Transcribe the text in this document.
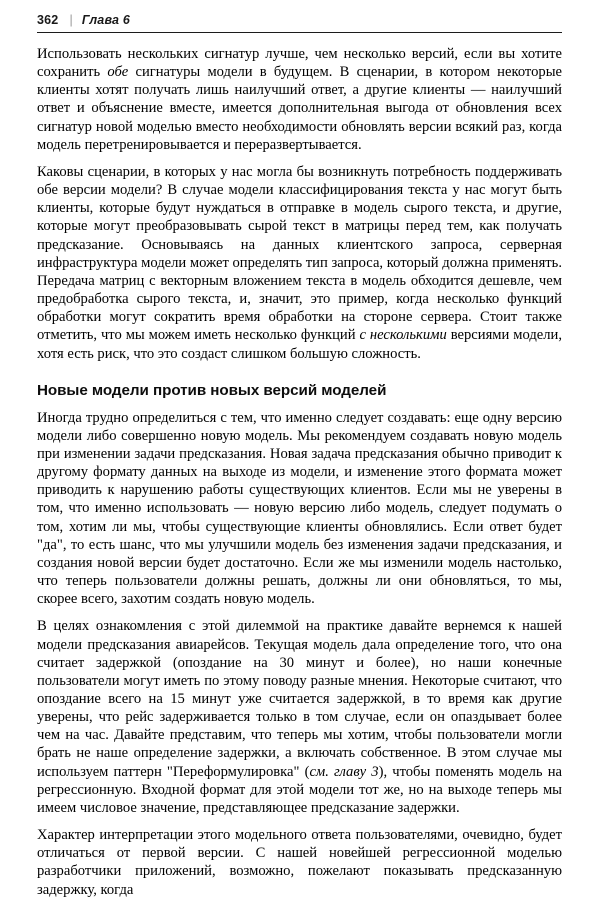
362 | Глава 6

Использовать нескольких сигнатур лучше, чем несколько версий, если вы хотите сохранить обе сигнатуры модели в будущем. В сценарии, в котором некоторые клиенты хотят получать лишь наилучший ответ, а другие клиенты — наилучший ответ и объяснение вместе, имеется дополнительная выгода от обновления всех сигнатур новой моделью вместо необходимости обновлять версии всякий раз, когда модель перетренировывается и переразвертывается.

Каковы сценарии, в которых у нас могла бы возникнуть потребность поддерживать обе версии модели? В случае модели классифицирования текста у нас могут быть клиенты, которые будут нуждаться в отправке в модель сырого текста, и другие, которые могут преобразовывать сырой текст в матрицы перед тем, как получать предсказание. Основываясь на данных клиентского запроса, серверная инфраструктура модели может определять тип запроса, который должна применять. Передача матриц с векторным вложением текста в модель обходится дешевле, чем предобработка сырого текста, и, значит, это пример, когда несколько функций обработки могут сократить время обработки на стороне сервера. Стоит также отметить, что мы можем иметь несколько функций с несколькими версиями модели, хотя есть риск, что это создаст слишком большую сложность.

Новые модели против новых версий моделей

Иногда трудно определиться с тем, что именно следует создавать: еще одну версию модели либо совершенно новую модель. Мы рекомендуем создавать новую модель при изменении задачи предсказания. Новая задача предсказания обычно приводит к другому формату данных на выходе из модели, и изменение этого формата может приводить к нарушению работы существующих клиентов. Если мы не уверены в том, что именно использовать — новую версию либо модель, следует подумать о том, хотим ли мы, чтобы существующие клиенты обновлялись. Если ответ будет "да", то есть шанс, что мы улучшили модель без изменения задачи предсказания, и создания новой версии будет достаточно. Если же мы изменили модель настолько, что теперь пользователи должны решать, должны ли они обновляться, то мы, скорее всего, захотим создать новую модель.

В целях ознакомления с этой дилеммой на практике давайте вернемся к нашей модели предсказания авиарейсов. Текущая модель дала определение того, что она считает задержкой (опоздание на 30 минут и более), но наши конечные пользователи могут иметь по этому поводу разные мнения. Некоторые считают, что опоздание всего на 15 минут уже считается задержкой, в то время как другие уверены, что рейс задерживается только в том случае, если он опаздывает более чем на час. Давайте представим, что теперь мы хотим, чтобы пользователи могли брать не наше определение задержки, а включать собственное. В этом случае мы используем паттерн "Переформулировка" (см. главу 3), чтобы поменять модель на регрессионную. Входной формат для этой модели тот же, но на выходе теперь мы имеем числовое значение, представляющее предсказание задержки.

Характер интерпретации этого модельного ответа пользователями, очевидно, будет отличаться от первой версии. С нашей новейшей регрессионной моделью разработчики приложений, возможно, пожелают показывать предсказанную задержку, когда
